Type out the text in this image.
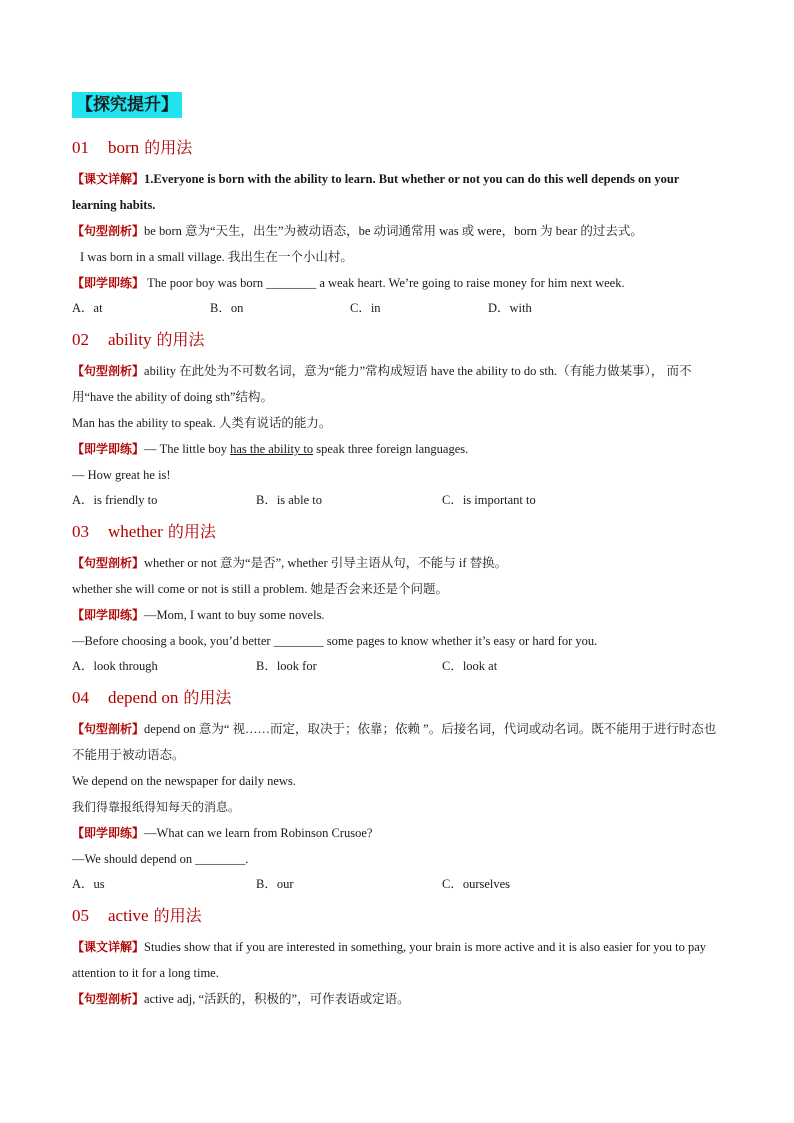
【探究提升】
01 born 的用法
【课文详解】1.Everyone is born with the ability to learn. But whether or not you can do this well depends on your learning habits.
【句型剖析】be born 意为“天生，出生”为被动语态，be 动词通常用 was 或 were，born 为 bear 的过去式。
I was born in a small village. 我出生在一个小山村。
【即学即练】 The poor boy was born ________ a weak heart. We’re going to raise money for him next week.
A．at	B．on	C．in	D．with
02 ability 的用法
【句型剖析】ability 在此处为不可数名词，意为“能力”常构成短语 have the ability to do sth.（有能力做某事）， 而不用“have the ability of doing sth”结构。
Man has the ability to speak. 人类有说话的能力。
【即学即练】— The little boy has the ability to speak three foreign languages.
— How great he is!
A．is friendly to	B．is able to	C．is important to
03 whether 的用法
【句型剖析】whether or not 意为“是否”, whether 引导主语从句，不能与 if 替换。
whether she will come or not is still a problem. 她是否会来还是个问题。
【即学即练】—Mom, I want to buy some novels.
—Before choosing a book, you’d better ________ some pages to know whether it’s easy or hard for you.
A．look through	B．look for	C．look at
04 depend on 的用法
【句型剖析】depend on 意为“ 视……而定，取决于；依靠；依赖 ”。后接名词，代词或动名词。既不能用于进行时态也不能用于被动语态。
We depend on the newspaper for daily news.
我们得靠报纸得知每天的消息。
【即学即练】—What can we learn from Robinson Crusoe?
—We should depend on ________.
A．us	B．our	C．ourselves
05 active 的用法
【课文详解】Studies show that if you are interested in something, your brain is more active and it is also easier for you to pay attention to it for a long time.
【句型剖析】active adj, “活跃的，积极的”，可作表语或定语。
